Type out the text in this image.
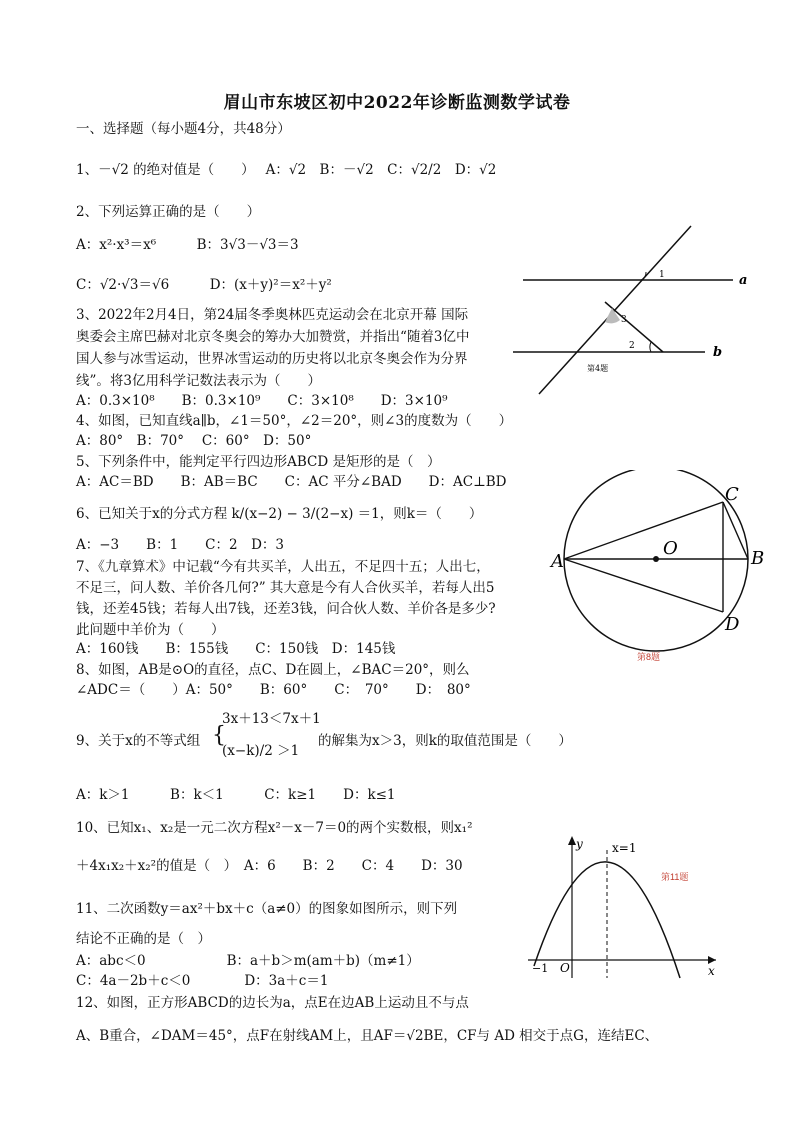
眉山市东坡区初中2022年诊断监测数学试卷
一、选择题（每小题4分，共48分）
1、－√2 的绝对值是（　　）　 A：√2　B：－√2　C：√2/2　D：√2
2、下列运算正确的是（　　）
A：x²·x³＝x⁶　　　B：3√3－√3＝3
C：√2·√3＝√6　　　D：(x＋y)²＝x²＋y²
3、2022年2月4日，第24届冬季奥林匹克运动会在北京开幕 国际
奥委会主席巴赫对北京冬奥会的筹办大加赞赏，并指出“随着3亿中
国人参与冰雪运动，世界冰雪运动的历史将以北京冬奥会作为分界
线”。将3亿用科学记数法表示为（　　）
A：0.3×10⁸　　B：0.3×10⁹　　C：3×10⁸　　D：3×10⁹
4、如图，已知直线a∥b，∠1＝50°，∠2＝20°，则∠3的度数为（　　）
A：80°　B：70°　 C：60°　D：50°
5、下列条件中，能判定平行四边形ABCD 是矩形的是（　）
A：AC＝BD　　B：AB＝BC　　C：AC 平分∠BAD　　D：AC⊥BD
6、已知关于x的分式方程 k/(x−2) − 3/(2−x) ＝1，则k＝（　　）
A：−3　　B：1　　C：2　D：3
7、《九章算术》中记载“今有共买羊，人出五，不足四十五；人出七，
不足三，问人数、羊价各几何?” 其大意是今有人合伙买羊，若每人出5
钱，还差45钱；若每人出7钱，还差3钱，问合伙人数、羊价各是多少?
此问题中羊价为（　　）
A：160钱　　B：155钱　　C：150钱　D：145钱
8、如图，AB是⊙O的直径，点C、D在圆上，∠BAC＝20°，则么
∠ADC＝（　　）A：50°　　B：60°　　C：　70°　　D：　80°
9、关于x的不等式组 {
3x＋13＜7x＋1
(x−k)/2 ＞1
的解集为x＞3，则k的取值范围是（　　）
A：k＞1　　　B：k＜1　　　C：k≥1　　D：k≤1
10、已知x₁、x₂是一元二次方程x²－x－7＝0的两个实数根，则x₁²
＋4x₁x₂＋x₂²的值是（　）　A：6　　B：2　　C：4　　D：30
11、二次函数y＝ax²＋bx＋c（a≠0）的图象如图所示，则下列
结论不正确的是（　）
A：abc＜0　　　　　　B：a＋b＞m(am＋b)（m≠1）
C：4a－2b＋c＜0　　　　D：3a＋c＝1
12、如图，正方形ABCD的边长为a，点E在边AB上运动且不与点
A、B重合，∠DAM＝45°，点F在射线AM上，且AF＝√2BE，CF与 AD 相交于点G，连结EC、
a
b
1
2
3
第4题
A	B
C
D
O
第8题
y
x
x=1
−1 O
第11题
